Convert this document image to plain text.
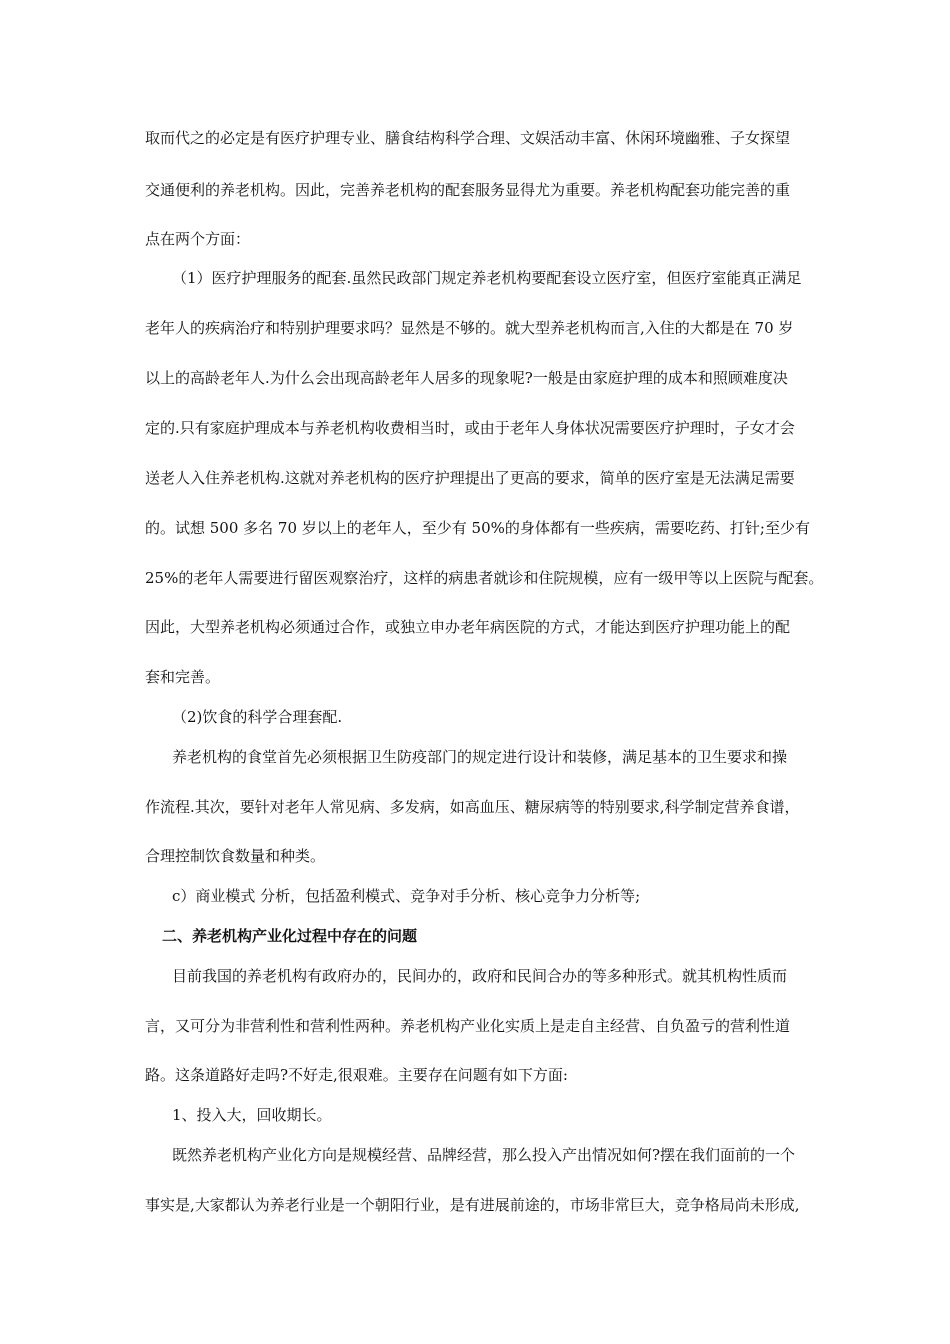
取而代之的必定是有医疗护理专业、膳食结构科学合理、文娱活动丰富、休闲环境幽雅、子女探望
交通便利的养老机构。因此，完善养老机构的配套服务显得尤为重要。养老机构配套功能完善的重
点在两个方面：
（1）医疗护理服务的配套.虽然民政部门规定养老机构要配套设立医疗室，但医疗室能真正满足
老年人的疾病治疗和特别护理要求吗？显然是不够的。就大型养老机构而言,入住的大都是在 70 岁
以上的高龄老年人.为什么会出现高龄老年人居多的现象呢?一般是由家庭护理的成本和照顾难度决
定的.只有家庭护理成本与养老机构收费相当时，或由于老年人身体状况需要医疗护理时，子女才会
送老人入住养老机构.这就对养老机构的医疗护理提出了更高的要求，简单的医疗室是无法满足需要
的。试想 500 多名 70 岁以上的老年人，至少有 50%的身体都有一些疾病，需要吃药、打针;至少有
25%的老年人需要进行留医观察治疗，这样的病患者就诊和住院规模，应有一级甲等以上医院与配套。
因此，大型养老机构必须通过合作，或独立申办老年病医院的方式，才能达到医疗护理功能上的配
套和完善。
（2)饮食的科学合理套配.
养老机构的食堂首先必须根据卫生防疫部门的规定进行设计和装修，满足基本的卫生要求和操
作流程.其次，要针对老年人常见病、多发病，如高血压、糖尿病等的特别要求,科学制定营养食谱，
合理控制饮食数量和种类。
c）商业模式 分析，包括盈利模式、竞争对手分析、核心竞争力分析等;
二、养老机构产业化过程中存在的问题
目前我国的养老机构有政府办的，民间办的，政府和民间合办的等多种形式。就其机构性质而
言，又可分为非营利性和营利性两种。养老机构产业化实质上是走自主经营、自负盈亏的营利性道
路。这条道路好走吗?不好走,很艰难。主要存在问题有如下方面:
1、投入大，回收期长。
既然养老机构产业化方向是规模经营、品牌经营，那么投入产出情况如何?摆在我们面前的一个
事实是,大家都认为养老行业是一个朝阳行业，是有进展前途的，市场非常巨大，竞争格局尚未形成,
